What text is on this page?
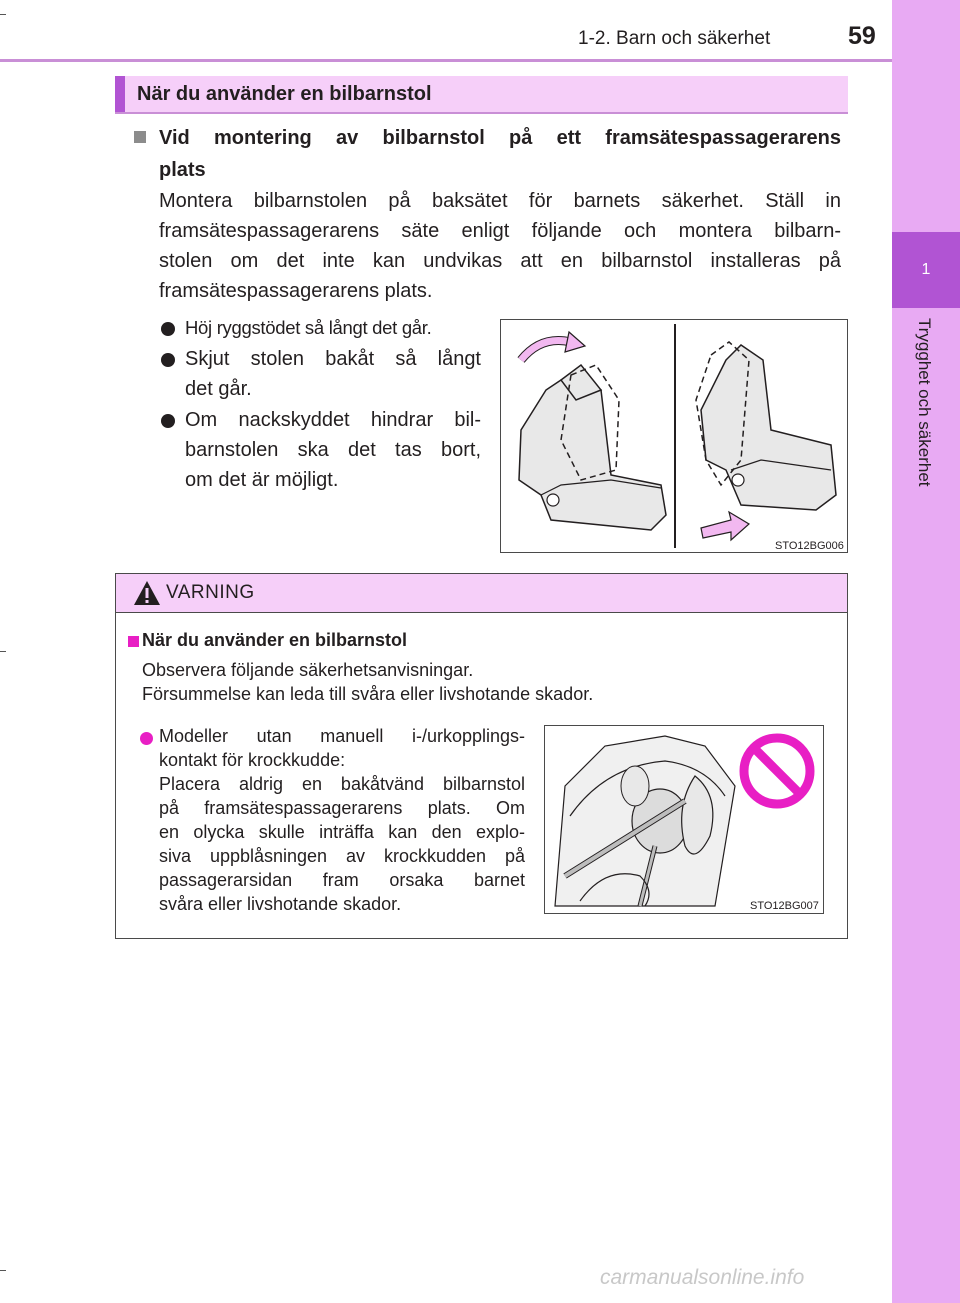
1
Trygghet och säkerhet
1-2. Barn och säkerhet	59
När du använder en bilbarnstol
Vid montering av bilbarnstol på ett framsätespassagerarens
plats
Montera bilbarnstolen på baksätet för barnets säkerhet. Ställ in
framsätespassagerarens säte enligt följande och montera bilbarn-
stolen om det inte kan undvikas att en bilbarnstol installeras på
framsätespassagerarens plats.
Höj ryggstödet så långt det går.
Skjut stolen bakåt så långt
det går.
Om nackskyddet hindrar bil-
barnstolen ska det tas bort,
om det är möjligt.
STO12BG006
VARNING
När du använder en bilbarnstol
Observera följande säkerhetsanvisningar.
Försummelse kan leda till svåra eller livshotande skador.
Modeller utan manuell i-/urkopplings-
kontakt för krockkudde:
Placera aldrig en bakåtvänd bilbarnstol
på framsätespassagerarens plats. Om
en olycka skulle inträffa kan den explo-
siva uppblåsningen av krockkudden på
passagerarsidan fram orsaka barnet
svåra eller livshotande skador.	STO12BG007
carmanualsonline.info
